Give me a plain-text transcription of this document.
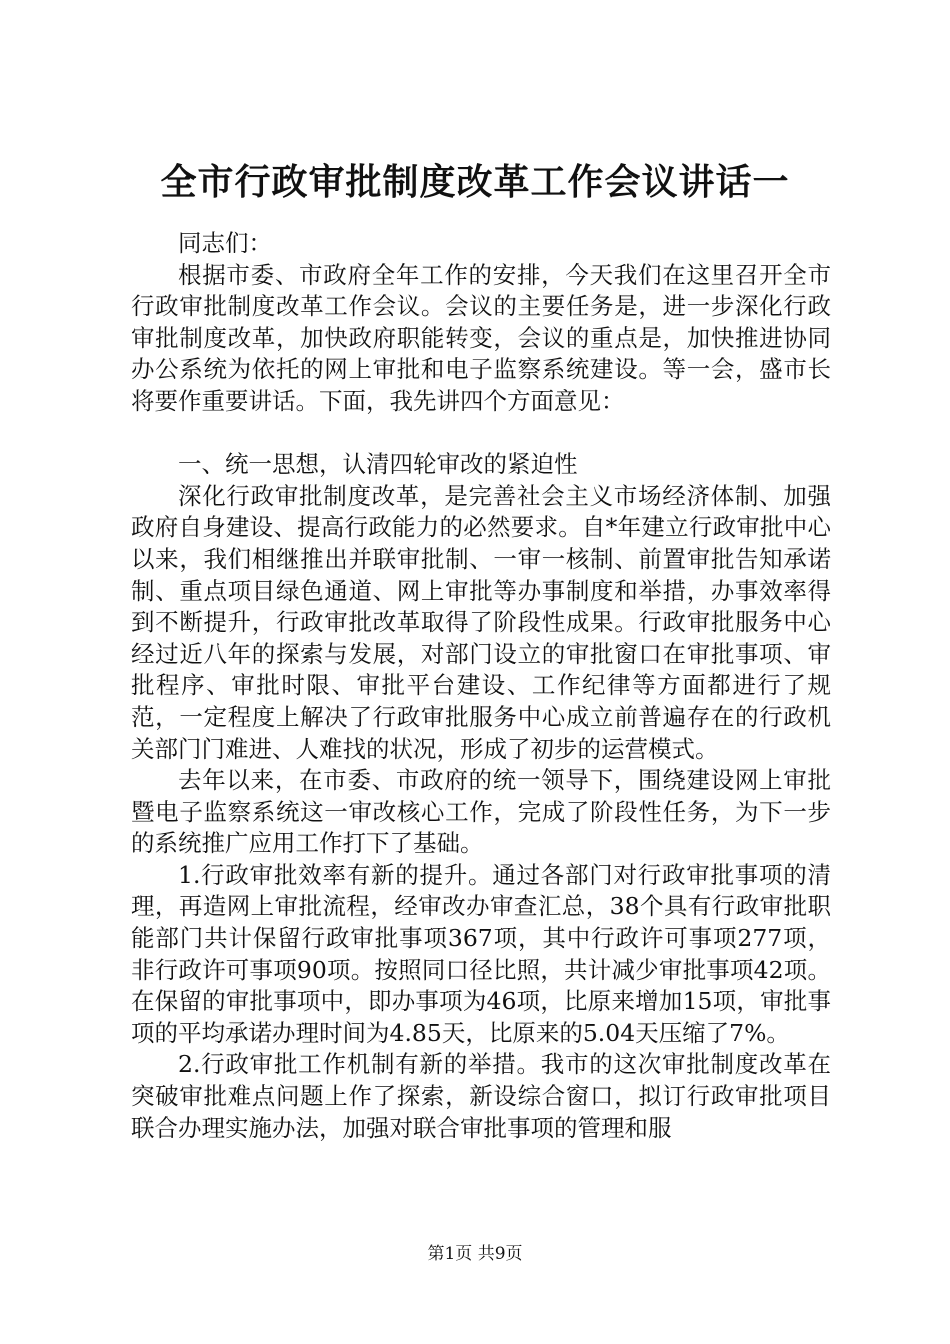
全市行政审批制度改革工作会议讲话一

同志们：

根据市委、市政府全年工作的安排，今天我们在这里召开全市行政审批制度改革工作会议。会议的主要任务是，进一步深化行政审批制度改革，加快政府职能转变，会议的重点是，加快推进协同办公系统为依托的网上审批和电子监察系统建设。等一会，盛市长将要作重要讲话。下面，我先讲四个方面意见：

一、统一思想，认清四轮审改的紧迫性

深化行政审批制度改革，是完善社会主义市场经济体制、加强政府自身建设、提高行政能力的必然要求。自*年建立行政审批中心以来，我们相继推出并联审批制、一审一核制、前置审批告知承诺制、重点项目绿色通道、网上审批等办事制度和举措，办事效率得到不断提升，行政审批改革取得了阶段性成果。行政审批服务中心经过近八年的探索与发展，对部门设立的审批窗口在审批事项、审批程序、审批时限、审批平台建设、工作纪律等方面都进行了规范，一定程度上解决了行政审批服务中心成立前普遍存在的行政机关部门门难进、人难找的状况，形成了初步的运营模式。

去年以来，在市委、市政府的统一领导下，围绕建设网上审批暨电子监察系统这一审改核心工作，完成了阶段性任务，为下一步的系统推广应用工作打下了基础。

1.行政审批效率有新的提升。通过各部门对行政审批事项的清理，再造网上审批流程，经审改办审查汇总，38个具有行政审批职能部门共计保留行政审批事项367项，其中行政许可事项277项，非行政许可事项90项。按照同口径比照，共计减少审批事项42项。在保留的审批事项中，即办事项为46项，比原来增加15项，审批事项的平均承诺办理时间为4.85天，比原来的5.04天压缩了7%。

2.行政审批工作机制有新的举措。我市的这次审批制度改革在突破审批难点问题上作了探索，新设综合窗口，拟订行政审批项目联合办理实施办法，加强对联合审批事项的管理和服

第1页 共9页
